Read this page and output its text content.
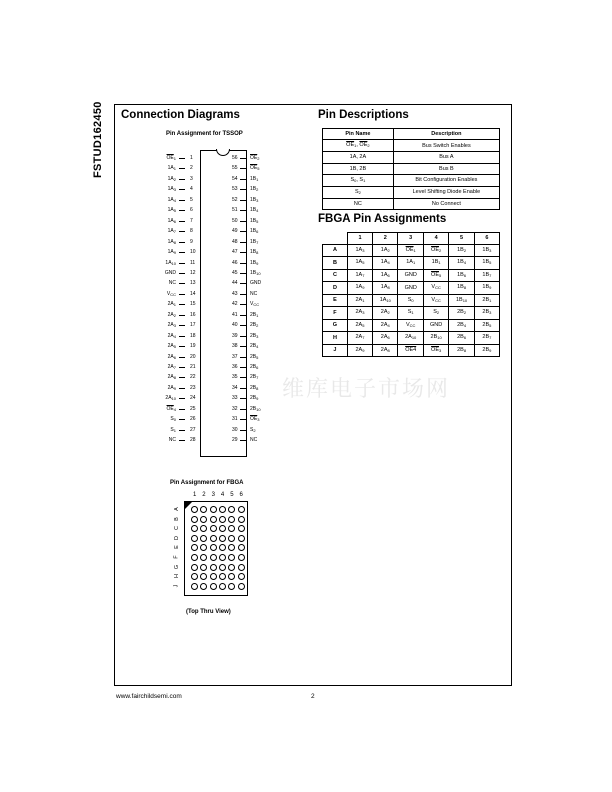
维库电子市场网
FSTUD162450 Connection Diagrams
Pin Assignment for TSSOP
$\overline{OE}_1$	1
$1A_1$	2
$1A_2$	3
$1A_3$	4
$1A_4$	5
$1A_5$	6
$1A_6$	7
$1A_7$	8
$1A_8$	9
$1A_9$	10
$1A_{10}$	11
GND	12
NC	13
$V_{CC}$	14
$2A_1$	15
$2A_2$	16
$2A_3$	17
$2A_4$	18
$2A_5$	19
$2A_6$	20
$2A_7$	21
$2A_8$	22
$2A_9$	23
$2A_{10}$	24
$\overline{OE}_4$	25
$S_0$	26
$S_1$	27
NC	28
56 $\overline{OE}_2$
55 $\overline{OE}_5$
54 $1B_1$
53 $1B_2$
52 $1B_3$
51 $1B_4$
50 $1B_5$
49 $1B_6$
48 $1B_7$
47 $1B_8$
46 $1B_9$
45 $1B_{10}$
44 GND
43 NC
42 $V_{CC}$
41 $2B_1$
40 $2B_2$
39 $2B_3$
38 $2B_4$
37 $2B_5$
36 $2B_6$
35 $2B_7$
34 $2B_8$
33 $2B_9$
32 $2B_{10}$
31 $\overline{OE}_3$
30 $S_2$
29 NC
Pin Assignment for FBGA
1 2 3 4 5 6
A
B
C
D
E
F
G
H
J
(Top Thru View)
Pin Descriptions
Pin Name	Description
$\overline{OE}_1$, $\overline{OE}_2$	Bus Switch Enables
1A, 2A	Bus A
1B, 2B	Bus B
$S_0$, $S_1$	Bit Configuration Enables
$S_2$	Level Shifting Diode Enable
NC	No Connect
FBGA Pin Assignments
	1	2	3	4	5	6
A	$1A_3$	$1A_2$	$\overline{OE}_1$	$\overline{OE}_2$	$1B_2$	$1B_3$
B	$1A_5$	$1A_4$	$1A_1$	$1B_1$	$1B_4$	$1B_5$
C	$1A_7$	$1A_6$	GND	$\overline{OE}_5$	$1B_6$	$1B_7$
D	$1A_9$	$1A_8$	GND	$V_{CC}$	$1B_8$	$1B_9$
E	$2A_1$	$1A_{10}$	$S_0$	$V_{CC}$	$1B_{10}$	$2B_1$
F	$2A_3$	$2A_2$	$S_1$	$S_2$	$2B_2$	$2B_3$
G	$2A_5$	$2A_4$	$V_{CC}$	GND	$2B_4$	$2B_5$
H	$2A_7$	$2A_6$	$2A_{10}$	$2B_{10}$	$2B_6$	$2B_7$
J	$2A_9$	$2A_8$	OE4	$\overline{OE}_3$	$2B_8$	$2B_9$
www.fairchildsemi.com	2
